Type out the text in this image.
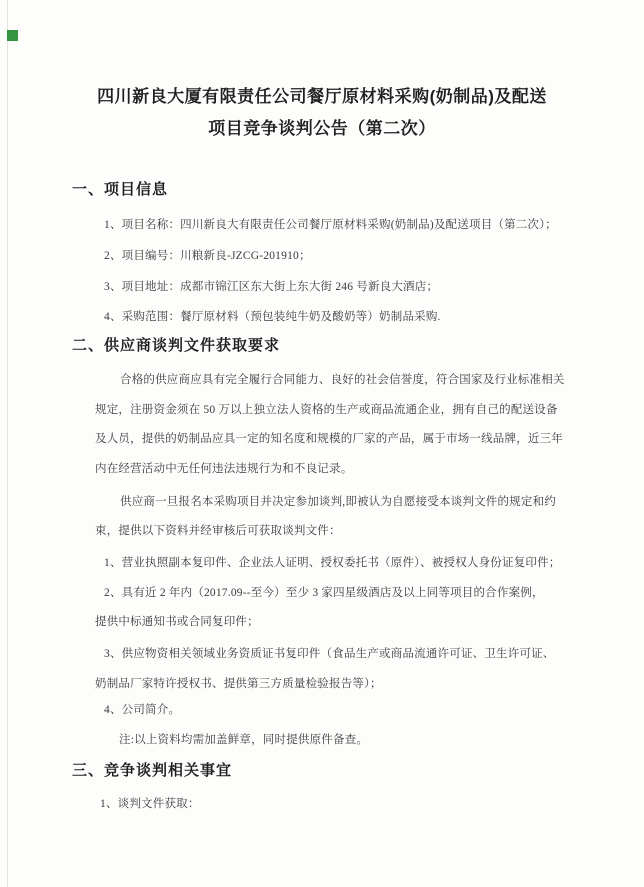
四川新良大厦有限责任公司餐厅原材料采购(奶制品)及配送
项目竞争谈判公告（第二次）
一、项目信息
1、项目名称：四川新良大有限责任公司餐厅原材料采购(奶制品)及配送项目（第二次）；
2、项目编号：川粮新良-JZCG-201910；
3、项目地址：成都市锦江区东大街上东大街 246 号新良大酒店；
4、采购范围：餐厅原材料（预包装纯牛奶及酸奶等）奶制品采购.
二、供应商谈判文件获取要求
合格的供应商应具有完全履行合同能力、良好的社会信誉度，符合国家及行业标准相关
规定，注册资金须在 50 万以上独立法人资格的生产或商品流通企业，拥有自己的配送设备
及人员，提供的奶制品应具一定的知名度和规模的厂家的产品，属于市场一线品牌，近三年
内在经营活动中无任何违法违规行为和不良记录。
供应商一旦报名本采购项目并决定参加谈判,即被认为自愿接受本谈判文件的规定和约
束，提供以下资料并经审核后可获取谈判文件：
1、营业执照副本复印件、企业法人证明、授权委托书（原件）、被授权人身份证复印件；
2、具有近 2 年内（2017.09--至今）至少 3 家四星级酒店及以上同等项目的合作案例，
提供中标通知书或合同复印件；
3、供应物资相关领域业务资质证书复印件（食品生产或商品流通许可证、卫生许可证、
奶制品厂家特许授权书、提供第三方质量检验报告等）；
4、公司简介。
注:以上资料均需加盖鲜章，同时提供原件备查。
三、竞争谈判相关事宜
1、谈判文件获取：
